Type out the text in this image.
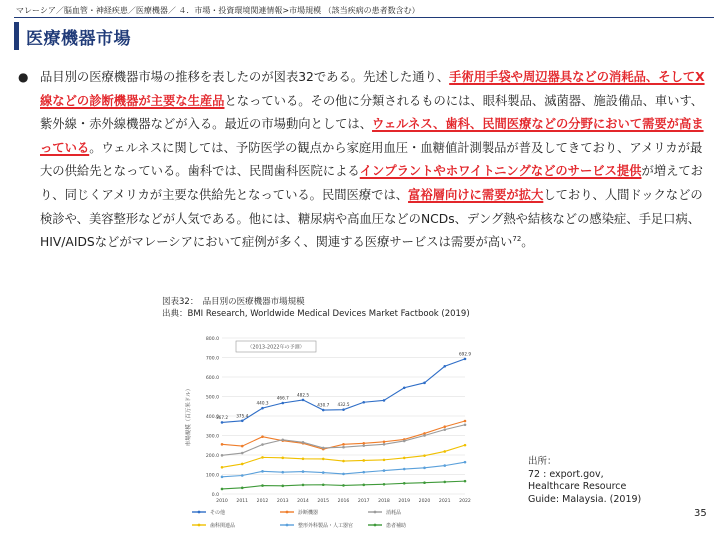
マレーシア／脳血管・神経疾患／医療機器／ ４．市場・投資環境関連情報>市場規模 （該当疾病の患者数含む）
医療機器市場
● 品目別の医療機器市場の推移を表したのが図表32である。先述した通り、手術用手袋や周辺器具などの消耗品、そしてX線などの診断機器が主要な生産品となっている。その他に分類されるものには、眼科製品、滅菌器、施設備品、車いす、紫外線・赤外線機器などが入る。最近の市場動向としては、ウェルネス、歯科、民間医療などの分野において需要が高まっている。ウェルネスに関しては、予防医学の観点から家庭用血圧・血糖値計測製品が普及してきており、アメリカが最大の供給先となっている。歯科では、民間歯科医院によるインプラントやホワイトニングなどのサービス提供が増えており、同じくアメリカが主要な供給先となっている。民間医療では、富裕層向けに需要が拡大しており、人間ドックなどの検診や、美容整形などが人気である。他には、糖尿病や高血圧などのNCDs、デング熱や結核などの感染症、手足口病、HIV/AIDSなどがマレーシアにおいて症例が多く、関連する医療サービスは需要が高い$^{72}$。
図表32：　品目別の医療機器市場規模
出典：BMI Research, Worldwide Medical Devices Market Factbook (2019)
0.0
100.0
200.0
300.0
400.0
500.0
600.0
700.0
800.0
市場規模（百万米ドル）
（2013-2022年の予測）
2010 2011 2012 2013 2014 2015 2016 2017 2018 2019 2020 2021 2022
367.2 375.4
440.3
466.7
482.5
430.7 432.5
692.9
その他	診断機器	消耗品
歯科関連品	整形外科製品・人工器官	患者補助
出所：
72 : export.gov,
Healthcare Resource
Guide: Malaysia. (2019)
35
